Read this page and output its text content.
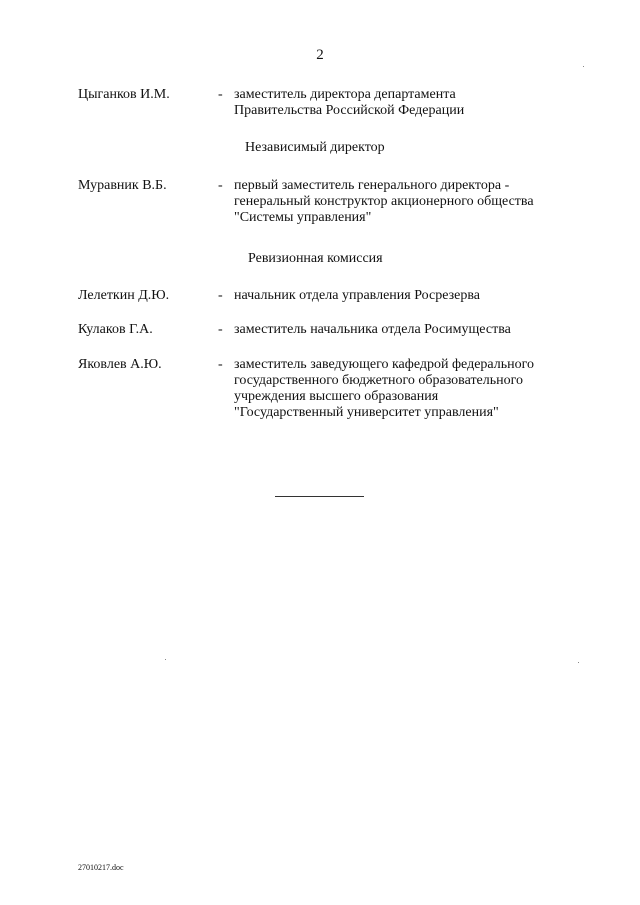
2
Цыганков И.М.	- заместитель директора департамента
Правительства Российской Федерации
Независимый директор
Муравник В.Б.	- первый заместитель генерального директора -
генеральный конструктор акционерного общества
"Системы управления"
Ревизионная комиссия
Лелеткин Д.Ю.	- начальник отдела управления Росрезерва
Кулаков Г.А.	- заместитель начальника отдела Росимущества
Яковлев А.Ю.	- заместитель заведующего кафедрой федерального
государственного бюджетного образовательного
учреждения высшего образования
"Государственный университет управления"
27010217.doc
